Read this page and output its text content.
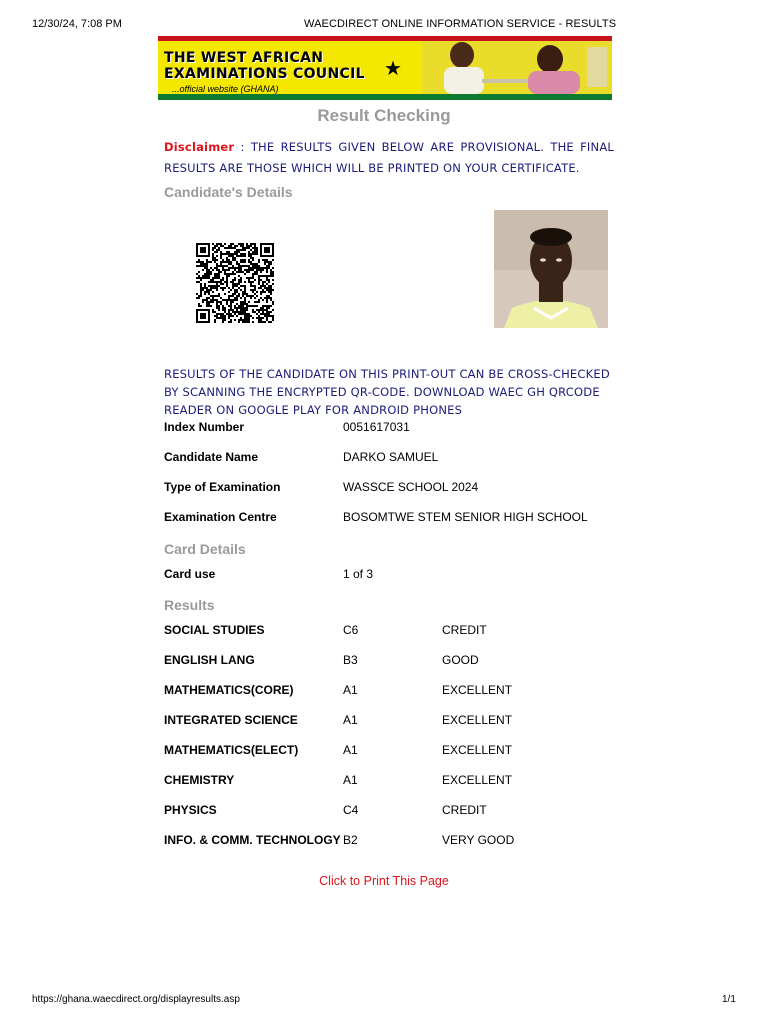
12/30/24, 7:08 PM	WAECDIRECT ONLINE INFORMATION SERVICE - RESULTS
https://ghana.waecdirect.org/displayresults.asp	1/1
THE WEST AFRICAN
EXAMINATIONS COUNCIL
...official website (GHANA)
★
Result Checking
Disclaimer : THE RESULTS GIVEN BELOW ARE PROVISIONAL. THE FINAL RESULTS ARE THOSE WHICH WILL BE PRINTED ON YOUR CERTIFICATE.
Candidate's Details
RESULTS OF THE CANDIDATE ON THIS PRINT-OUT CAN BE CROSS-CHECKED BY SCANNING THE ENCRYPTED QR-CODE. DOWNLOAD WAEC GH QRCODE READER ON GOOGLE PLAY FOR ANDROID PHONES
Index Number	0051617031
Candidate Name	DARKO SAMUEL
Type of Examination	WASSCE SCHOOL 2024
Examination Centre	BOSOMTWE STEM SENIOR HIGH SCHOOL
Card Details
Card use	1 of 3
Results
SOCIAL STUDIES	C6	CREDIT
ENGLISH LANG	B3	GOOD
MATHEMATICS(CORE)	A1	EXCELLENT
INTEGRATED SCIENCE	A1	EXCELLENT
MATHEMATICS(ELECT)	A1	EXCELLENT
CHEMISTRY	A1	EXCELLENT
PHYSICS	C4	CREDIT
INFO. & COMM. TECHNOLOGY B2	VERY GOOD
Click to Print This Page
